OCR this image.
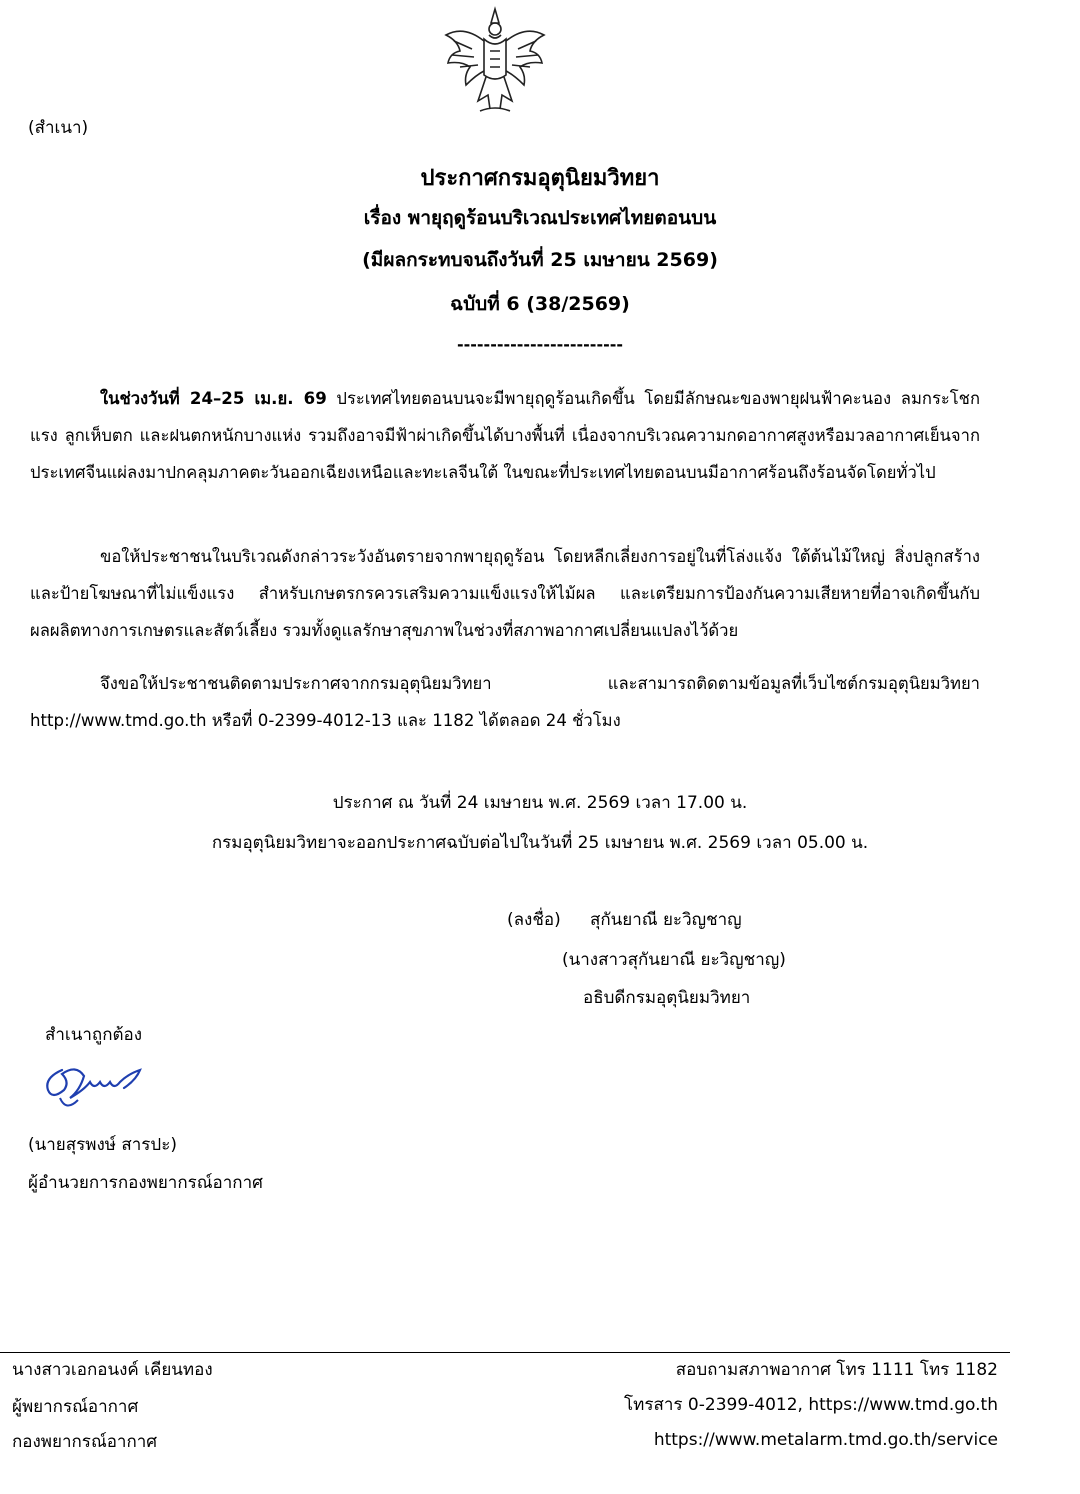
(สำเนา)
ประกาศกรมอุตุนิยมวิทยา
เรื่อง พายุฤดูร้อนบริเวณประเทศไทยตอนบน
(มีผลกระทบจนถึงวันที่ 25 เมษายน 2569)
ฉบับที่ 6 (38/2569)
-------------------------
ในช่วงวันที่ 24–25 เม.ย. 69 ประเทศไทยตอนบนจะมีพายุฤดูร้อนเกิดขึ้น โดยมีลักษณะของพายุฝนฟ้าคะนอง ลมกระโชกแรง ลูกเห็บตก และฝนตกหนักบางแห่ง รวมถึงอาจมีฟ้าผ่าเกิดขึ้นได้บางพื้นที่ เนื่องจากบริเวณความกดอากาศสูงหรือมวลอากาศเย็นจากประเทศจีนแผ่ลงมาปกคลุมภาคตะวันออกเฉียงเหนือและทะเลจีนใต้ ในขณะที่ประเทศไทยตอนบนมีอากาศร้อนถึงร้อนจัดโดยทั่วไป
ขอให้ประชาชนในบริเวณดังกล่าวระวังอันตรายจากพายุฤดูร้อน โดยหลีกเลี่ยงการอยู่ในที่โล่งแจ้ง ใต้ต้นไม้ใหญ่ สิ่งปลูกสร้างและป้ายโฆษณาที่ไม่แข็งแรง สำหรับเกษตรกรควรเสริมความแข็งแรงให้ไม้ผล และเตรียมการป้องกันความเสียหายที่อาจเกิดขึ้นกับผลผลิตทางการเกษตรและสัตว์เลี้ยง รวมทั้งดูแลรักษาสุขภาพในช่วงที่สภาพอากาศเปลี่ยนแปลงไว้ด้วย
จึงขอให้ประชาชนติดตามประกาศจากกรมอุตุนิยมวิทยา และสามารถติดตามข้อมูลที่เว็บไซต์กรมอุตุนิยมวิทยา http://www.tmd.go.th หรือที่ 0-2399-4012-13 และ 1182 ได้ตลอด 24 ชั่วโมง
ประกาศ ณ วันที่ 24 เมษายน พ.ศ. 2569 เวลา 17.00 น.
กรมอุตุนิยมวิทยาจะออกประกาศฉบับต่อไปในวันที่ 25 เมษายน พ.ศ. 2569 เวลา 05.00 น.
(ลงชื่อ) สุกันยาณี ยะวิญชาญ
(นางสาวสุกันยาณี ยะวิญชาญ)
อธิบดีกรมอุตุนิยมวิทยา
สำเนาถูกต้อง
(นายสุรพงษ์ สารปะ)
ผู้อำนวยการกองพยากรณ์อากาศ
นางสาวเอกอนงค์ เคียนทอง
ผู้พยากรณ์อากาศ
กองพยากรณ์อากาศ
สอบถามสภาพอากาศ โทร 1111 โทร 1182
โทรสาร 0-2399-4012, https://www.tmd.go.th
https://www.metalarm.tmd.go.th/service
